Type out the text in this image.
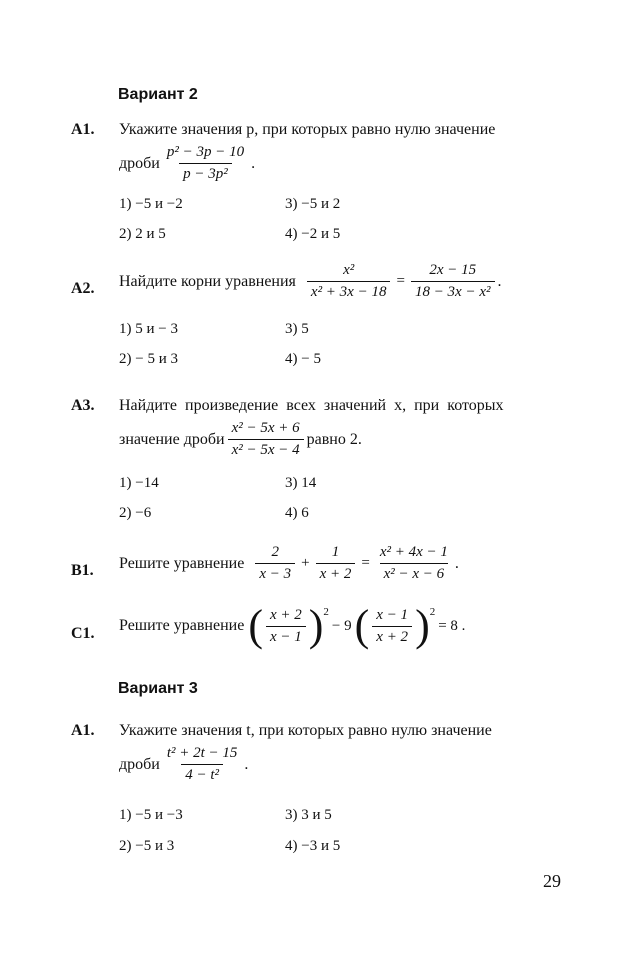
Вариант 2
A1. Укажите значения p, при которых равно нулю значение
дроби $\frac{\text{p² − 3p − 10}}{\text{p − 3p²}}$ .
1) −5 и −2	3) −5 и 2
2) 2 и 5	4) −2 и 5
A2. Найдите корни уравнения $\frac{\text{x²}}{\text{x² + 3x − 18}} = \frac{2x - 15}{\text{18 − 3x − x²}}$ .
1) 5 и − 3	3) 5
2) − 5 и 3	4) − 5
A3. Найдите произведение всех значений x, при которых
значение дроби $\frac{\text{x² − 5x + 6}}{\text{x² − 5x − 4}}$ равно 2.
1) −14	3) 14
2) −6	4) 6
B1. Решите уравнение $\frac{2}{x - 3} + \frac{1}{x + 2} = \frac{\text{x² + 4x − 1}}{\text{x² − x − 6}}$ .
C1. Решите уравнение ( $\frac{x + 2}{x - 1} )^2$
− 9 ( $\frac{x - 1}{x + 2} )^2$
= 8 .
Вариант 3
A1. Укажите значения t, при которых равно нулю значение
дроби $\frac{\text{t² + 2t − 15}}{\text{4 − t²}}$ .
1) −5 и −3	3) 3 и 5
2) −5 и 3	4) −3 и 5
29
